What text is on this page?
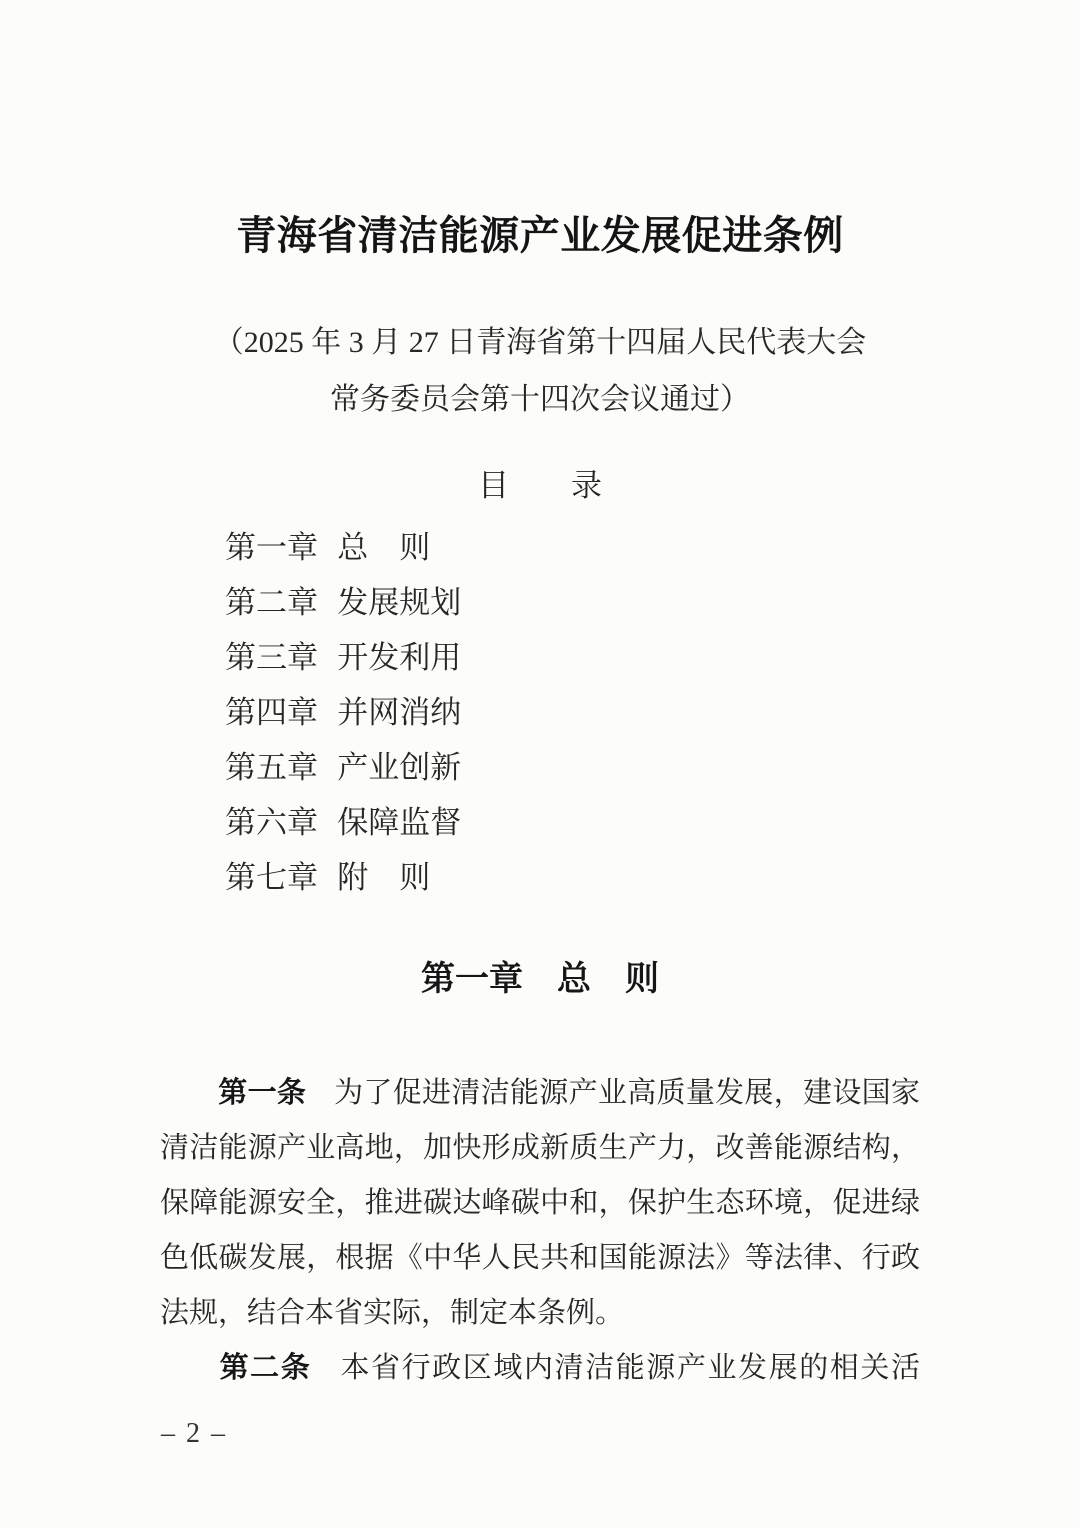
青海省清洁能源产业发展促进条例
（2025 年 3 月 27 日青海省第十四届人民代表大会
常务委员会第十四次会议通过）
目　　录
第一章 总　则
第二章 发展规划
第三章 开发利用
第四章 并网消纳
第五章 产业创新
第六章 保障监督
第七章 附　则
第一章　总　则
第一条 为了促进清洁能源产业高质量发展，建设国家
清洁能源产业高地，加快形成新质生产力，改善能源结构，
保障能源安全，推进碳达峰碳中和，保护生态环境，促进绿
色低碳发展，根据《中华人民共和国能源法》等法律、行政
法规，结合本省实际，制定本条例。
第二条 本省行政区域内清洁能源产业发展的相关活
– 2 –
